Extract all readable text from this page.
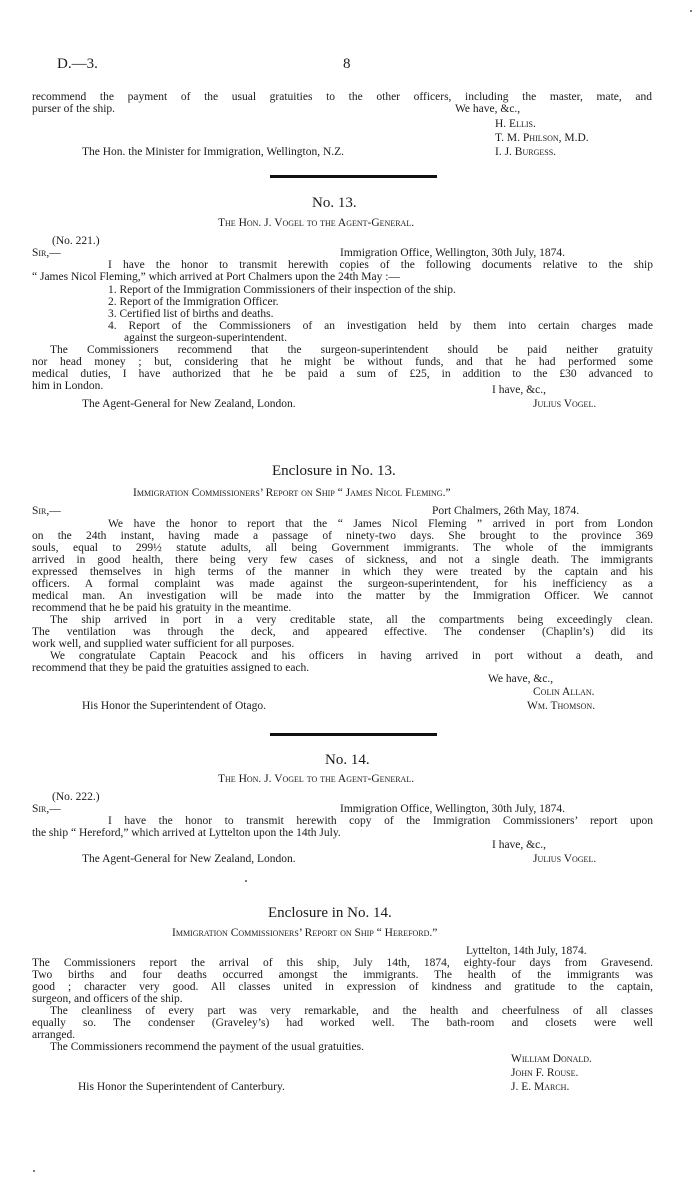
D.—3.	8
recommend the payment of the usual gratuities to the other officers, including the master, mate, and
purser of the ship.	We have, &c.,
H. Ellis.
T. M. Philson, M.D.
The Hon. the Minister for Immigration, Wellington, N.Z.	I. J. Burgess.
No. 13.
The Hon. J. Vogel to the Agent-General.
(No. 221.)
Sir,—	Immigration Office, Wellington, 30th July, 1874.
I have the honor to transmit herewith copies of the following documents relative to the ship
“ James Nicol Fleming,” which arrived at Port Chalmers upon the 24th May :—
1. Report of the Immigration Commissioners of their inspection of the ship.
2. Report of the Immigration Officer.
3. Certified list of births and deaths.
4. Report of the Commissioners of an investigation held by them into certain charges made
against the surgeon-superintendent.
The Commissioners recommend that the surgeon-superintendent should be paid neither gratuity
nor head money ; but, considering that he might be without funds, and that he had performed some
medical duties, I have authorized that he be paid a sum of £25, in addition to the £30 advanced to
him in London.	I have, &c.,
The Agent-General for New Zealand, London.	Julius Vogel.
Enclosure in No. 13.
Immigration Commissioners’ Report on Ship “ James Nicol Fleming.”
Sir,—	Port Chalmers, 26th May, 1874.
We have the honor to report that the “ James Nicol Fleming ” arrived in port from London
on the 24th instant, having made a passage of ninety-two days. She brought to the province 369
souls, equal to 299½ statute adults, all being Government immigrants. The whole of the immigrants
arrived in good health, there being very few cases of sickness, and not a single death. The immigrants
expressed themselves in high terms of the manner in which they were treated by the captain and his
officers. A formal complaint was made against the surgeon-superintendent, for his inefficiency as a
medical man. An investigation will be made into the matter by the Immigration Officer. We cannot
recommend that he be paid his gratuity in the meantime.
The ship arrived in port in a very creditable state, all the compartments being exceedingly clean.
The ventilation was through the deck, and appeared effective. The condenser (Chaplin’s) did its
work well, and supplied water sufficient for all purposes.
We congratulate Captain Peacock and his officers in having arrived in port without a death, and
recommend that they be paid the gratuities assigned to each.
We have, &c.,
Colin Allan.
His Honor the Superintendent of Otago.	Wm. Thomson.
No. 14.
The Hon. J. Vogel to the Agent-General.
(No. 222.)
Sir,—	Immigration Office, Wellington, 30th July, 1874.
I have the honor to transmit herewith copy of the Immigration Commissioners’ report upon
the ship “ Hereford,” which arrived at Lyttelton upon the 14th July.
I have, &c.,
The Agent-General for New Zealand, London.	Julius Vogel.
Enclosure in No. 14.
Immigration Commissioners’ Report on Ship “ Hereford.”
Lyttelton, 14th July, 1874.
The Commissioners report the arrival of this ship, July 14th, 1874, eighty-four days from Gravesend.
Two births and four deaths occurred amongst the immigrants. The health of the immigrants was
good ; character very good. All classes united in expression of kindness and gratitude to the captain,
surgeon, and officers of the ship.
The cleanliness of every part was very remarkable, and the health and cheerfulness of all classes
equally so. The condenser (Graveley’s) had worked well. The bath-room and closets were well
arranged.
The Commissioners recommend the payment of the usual gratuities.
William Donald.
John F. Rouse.
His Honor the Superintendent of Canterbury.	J. E. March.
